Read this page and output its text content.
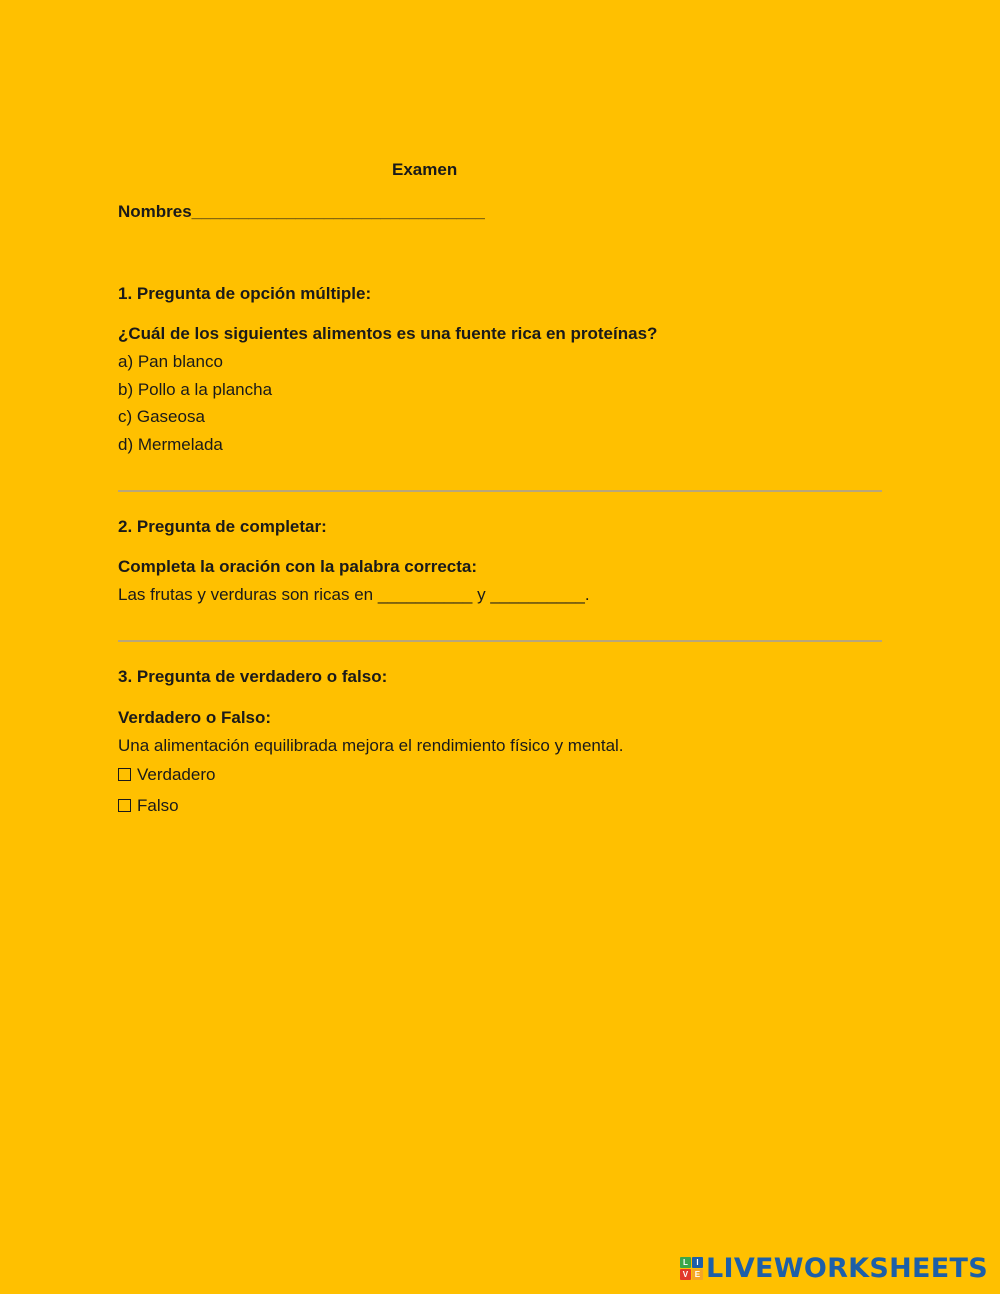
Examen
Nombres_______________________________
1. Pregunta de opción múltiple:
¿Cuál de los siguientes alimentos es una fuente rica en proteínas?
a) Pan blanco
b) Pollo a la plancha
c) Gaseosa
d) Mermelada
2. Pregunta de completar:
Completa la oración con la palabra correcta:
Las frutas y verduras son ricas en __________ y __________.
3. Pregunta de verdadero o falso:
Verdadero o Falso:
Una alimentación equilibrada mejora el rendimiento físico y mental.
Verdadero
Falso
L	I
V E LIVEWORKSHEETS
